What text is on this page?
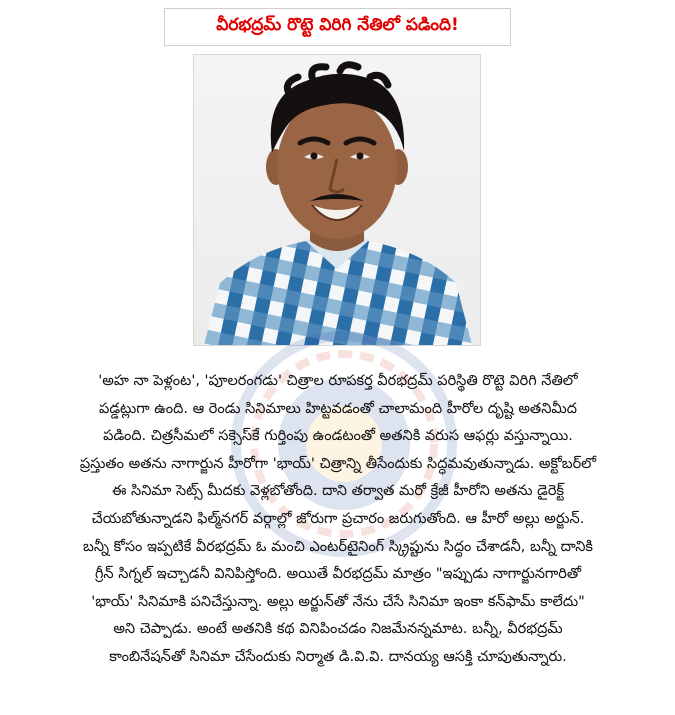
వీరభద్రమ్ రొట్టె విరిగి నేతిలో పడింది!
'అహ నా పెళ్లంట', 'పూలరంగడు' చిత్రాల రూపకర్త వీరభద్రమ్ పరిస్థితి రొట్టె విరిగి నేతిలో
పడ్డట్లుగా ఉంది. ఆ రెండు సినిమాలు హిట్టవడంతో చాలామంది హీరోల దృష్టి అతనిమీద
పడింది. చిత్రసీమలో సక్సెస్‌కే గుర్తింపు ఉండటంతో అతనికి వరుస ఆఫర్లు వస్తున్నాయి.
ప్రస్తుతం అతను నాగార్జున హీరోగా 'భాయ్' చిత్రాన్ని తీసేందుకు సిద్ధమవుతున్నాడు. అక్టోబర్‌లో
ఈ సినిమా సెట్స్ మీదకు వెళ్లబోతోంది. దాని తర్వాత మరో క్రేజీ హీరోని అతను డైరెక్ట్
చేయబోతున్నాడని ఫిల్మ్‌నగర్ వర్గాల్లో జోరుగా ప్రచారం జరుగుతోంది. ఆ హీరో అల్లు అర్జున్.
బన్నీ కోసం ఇప్పటికే వీరభద్రమ్ ఓ మంచి ఎంటర్‌టైనింగ్ స్క్రిప్టును సిద్ధం చేశాడనీ, బన్నీ దానికి
గ్రీన్ సిగ్నల్ ఇచ్చాడనీ వినిపిస్తోంది. అయితే వీరభద్రమ్ మాత్రం "ఇప్పుడు నాగార్జునగారితో
'భాయ్' సినిమాకి పనిచేస్తున్నా. అల్లు అర్జున్‌తో నేను చేసే సినిమా ఇంకా కన్‌ఫామ్ కాలేదు"
అని చెప్పాడు. అంటే అతనికి కథ వినిపించడం నిజమేనన్నమాట. బన్నీ, వీరభద్రమ్
కాంబినేషన్‌తో సినిమా చేసేందుకు నిర్మాత డి.వి.వి. దానయ్య ఆసక్తి చూపుతున్నారు.
